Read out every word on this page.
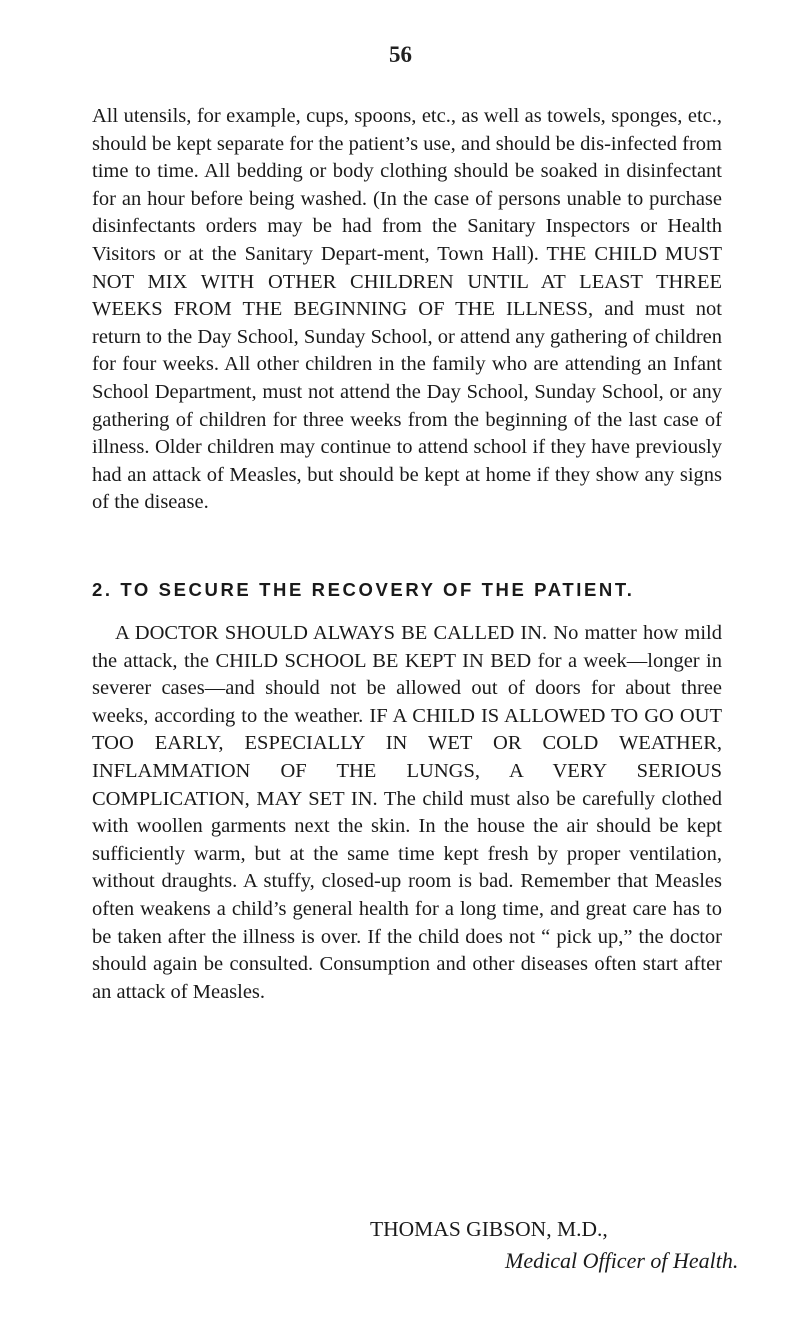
56

All utensils, for example, cups, spoons, etc., as well as towels, sponges, etc., should be kept separate for the patient’s use, and should be dis-infected from time to time. All bedding or body clothing should be soaked in disinfectant for an hour before being washed. (In the case of persons unable to purchase disinfectants orders may be had from the Sanitary Inspectors or Health Visitors or at the Sanitary Depart-ment, Town Hall). THE CHILD MUST NOT MIX WITH OTHER CHILDREN UNTIL AT LEAST THREE WEEKS FROM THE BEGINNING OF THE ILLNESS, and must not return to the Day School, Sunday School, or attend any gathering of children for four weeks. All other children in the family who are attending an Infant School Department, must not attend the Day School, Sunday School, or any gathering of children for three weeks from the beginning of the last case of illness. Older children may continue to attend school if they have previously had an attack of Measles, but should be kept at home if they show any signs of the disease.

2. TO SECURE THE RECOVERY OF THE PATIENT.

A DOCTOR SHOULD ALWAYS BE CALLED IN. No matter how mild the attack, the CHILD SCHOOL BE KEPT IN BED for a week—longer in severer cases—and should not be allowed out of doors for about three weeks, according to the weather. IF A CHILD IS ALLOWED TO GO OUT TOO EARLY, ESPECIALLY IN WET OR COLD WEATHER, INFLAMMATION OF THE LUNGS, A VERY SERIOUS COMPLICATION, MAY SET IN. The child must also be carefully clothed with woollen garments next the skin. In the house the air should be kept sufficiently warm, but at the same time kept fresh by proper ventilation, without draughts. A stuffy, closed-up room is bad. Remember that Measles often weakens a child’s general health for a long time, and great care has to be taken after the illness is over. If the child does not “ pick up,” the doctor should again be consulted. Consumption and other diseases often start after an attack of Measles.

THOMAS GIBSON, M.D.,

Medical Officer of Health.
